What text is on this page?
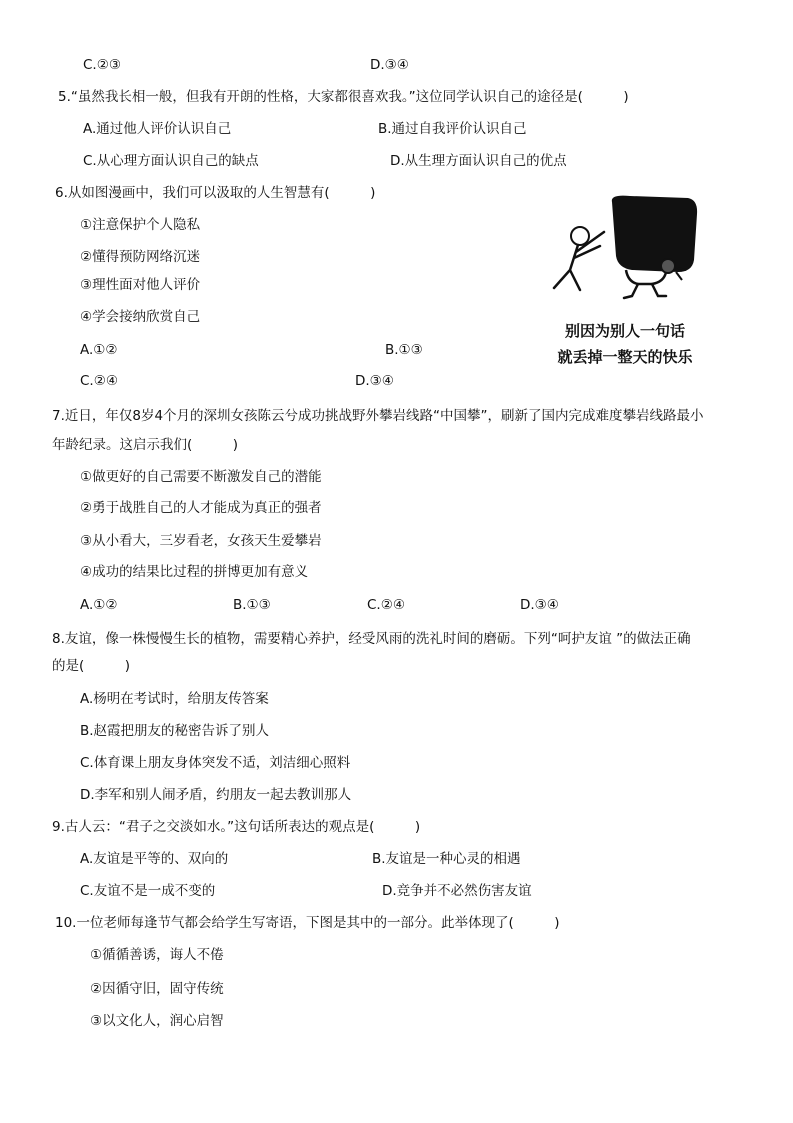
C.②③	D.③④
5.“虽然我长相一般，但我有开朗的性格，大家都很喜欢我。”这位同学认识自己的途径是(　　　)
A.通过他人评价认识自己	B.通过自我评价认识自己
C.从心理方面认识自己的缺点	D.从生理方面认识自己的优点
6.从如图漫画中，我们可以汲取的人生智慧有(　　　)
①注意保护个人隐私
②懂得预防网络沉迷
③理性面对他人评价
④学会接纳欣赏自己
A.①②	B.①③
C.②④	D.③④
别因为别人一句话
就丢掉一整天的快乐
7.近日，年仅8岁4个月的深圳女孩陈云兮成功挑战野外攀岩线路“中国攀”，刷新了国内完成难度攀岩线路最小
年龄纪录。这启示我们(　　　)
①做更好的自己需要不断激发自己的潜能
②勇于战胜自己的人才能成为真正的强者
③从小看大，三岁看老，女孩天生爱攀岩
④成功的结果比过程的拼博更加有意义
A.①②	B.①③	C.②④	D.③④
8.友谊，像一株慢慢生长的植物，需要精心养护，经受风雨的洗礼时间的磨砺。下列“呵护友谊 ”的做法正确
的是(　　　)
A.杨明在考试时，给朋友传答案
B.赵霞把朋友的秘密告诉了别人
C.体育课上朋友身体突发不适，刘洁细心照料
D.李军和别人闹矛盾，约朋友一起去教训那人
9.古人云：“君子之交淡如水。”这句话所表达的观点是(　　　)
A.友谊是平等的、双向的	B.友谊是一种心灵的相遇
C.友谊不是一成不变的	D.竞争并不必然伤害友谊
10.一位老师每逢节气都会给学生写寄语，下图是其中的一部分。此举体现了(　　　)
①循循善诱，诲人不倦
②因循守旧，固守传统
③以文化人，润心启智
